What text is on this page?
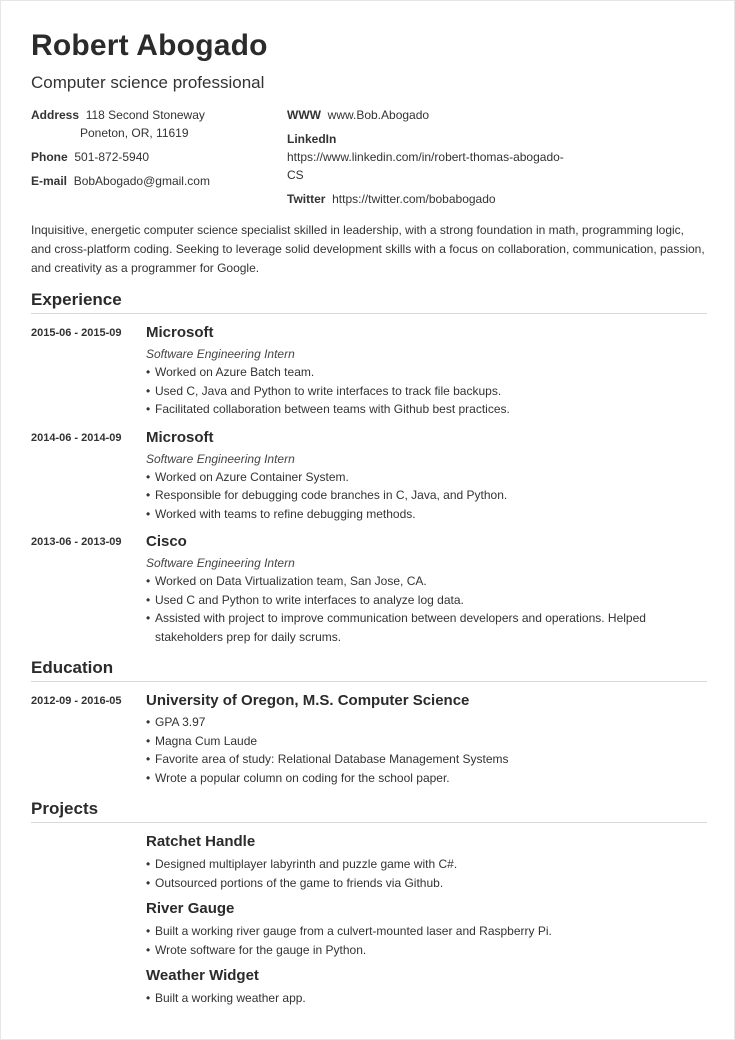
Robert Abogado
Computer science professional
Address 118 Second Stoneway
Poneton, OR, 11619
Phone 501-872-5940
E-mail BobAbogado@gmail.com
WWW www.Bob.Abogado
LinkedIn
https://www.linkedin.com/in/robert-thomas-abogado-
CS
Twitter https://twitter.com/bobabogado
Inquisitive, energetic computer science specialist skilled in leadership, with a strong foundation in math, programming logic, and cross-platform coding. Seeking to leverage solid development skills with a focus on collaboration, communication, passion, and creativity as a programmer for Google.
Experience
2015-06 - 2015-09 Microsoft
Software Engineering Intern
• Worked on Azure Batch team.
• Used C, Java and Python to write interfaces to track file backups.
• Facilitated collaboration between teams with Github best practices.
2014-06 - 2014-09 Microsoft
Software Engineering Intern
• Worked on Azure Container System.
• Responsible for debugging code branches in C, Java, and Python.
• Worked with teams to refine debugging methods.
2013-06 - 2013-09 Cisco
Software Engineering Intern
• Worked on Data Virtualization team, San Jose, CA.
• Used C and Python to write interfaces to analyze log data.
• Assisted with project to improve communication between developers and operations. Helped stakeholders prep for daily scrums.
Education
2012-09 - 2016-05 University of Oregon, M.S. Computer Science
• GPA 3.97
• Magna Cum Laude
• Favorite area of study: Relational Database Management Systems
• Wrote a popular column on coding for the school paper.
Projects
Ratchet Handle
• Designed multiplayer labyrinth and puzzle game with C#.
• Outsourced portions of the game to friends via Github.
River Gauge
• Built a working river gauge from a culvert-mounted laser and Raspberry Pi.
• Wrote software for the gauge in Python.
Weather Widget
• Built a working weather app.
